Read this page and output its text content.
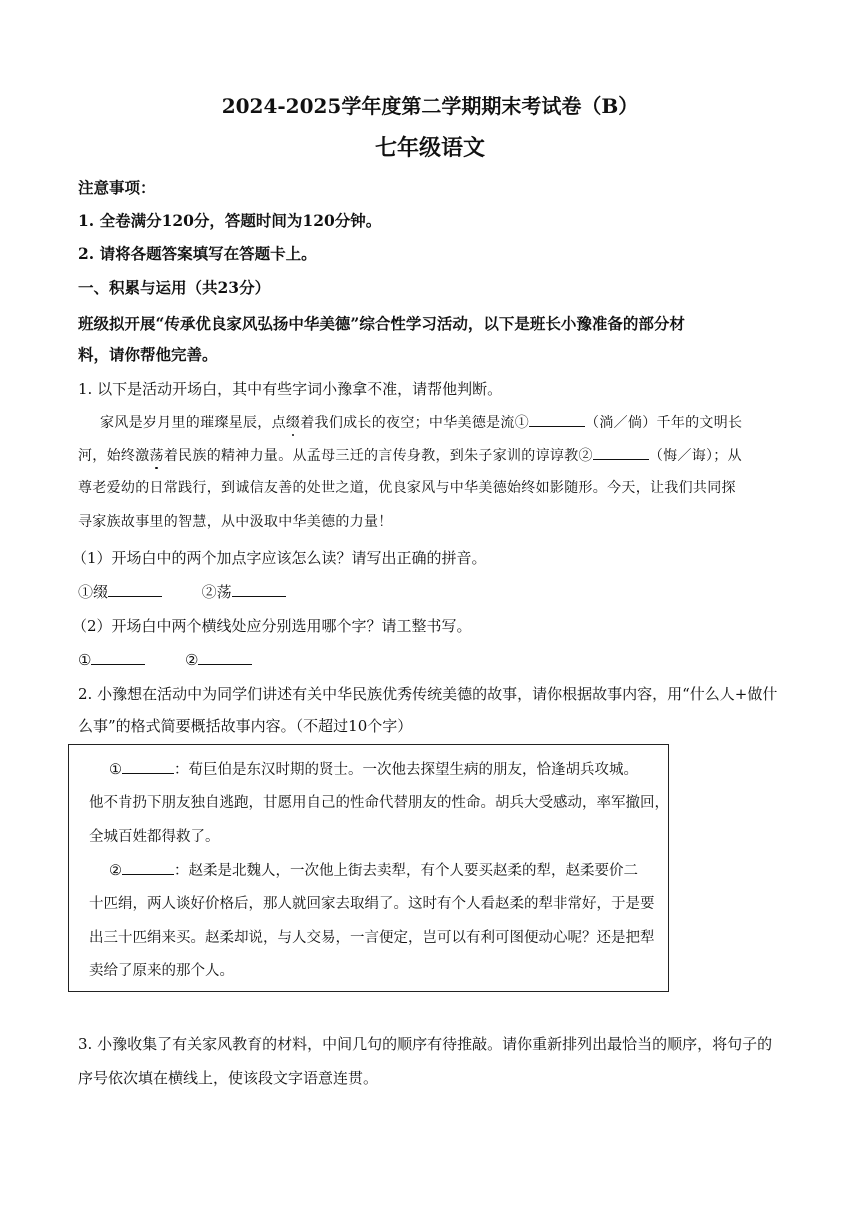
2024-2025学年度第二学期期末考试卷（B）
七年级语文
注意事项：
1. 全卷满分120分，答题时间为120分钟。
2. 请将各题答案填写在答题卡上。
一、积累与运用（共23分）
班级拟开展“传承优良家风弘扬中华美德”综合性学习活动，以下是班长小豫准备的部分材
料，请你帮他完善。
1. 以下是活动开场白，其中有些字词小豫拿不准，请帮他判断。
家风是岁月里的璀璨星辰，点缀着我们成长的夜空；中华美德是流①	（淌／倘）千年的文明长
河，始终激荡着民族的精神力量。从孟母三迁的言传身教，到朱子家训的谆谆教②	（悔／诲）；从
尊老爱幼的日常践行，到诚信友善的处世之道，优良家风与中华美德始终如影随形。今天，让我们共同探
寻家族故事里的智慧，从中汲取中华美德的力量！
（1）开场白中的两个加点字应该怎么读？请写出正确的拼音。
①缀	②荡
（2）开场白中两个横线处应分别选用哪个字？请工整书写。
①	②
2. 小豫想在活动中为同学们讲述有关中华民族优秀传统美德的故事，请你根据故事内容，用“什么人+做什
么事”的格式简要概括故事内容。（不超过10个字）
①	：荀巨伯是东汉时期的贤士。一次他去探望生病的朋友，恰逢胡兵攻城。
他不肯扔下朋友独自逃跑，甘愿用自己的性命代替朋友的性命。胡兵大受感动，率军撤回，
全城百姓都得救了。
②	：赵柔是北魏人，一次他上街去卖犁，有个人要买赵柔的犁，赵柔要价二
十匹绢，两人谈好价格后，那人就回家去取绢了。这时有个人看赵柔的犁非常好，于是要
出三十匹绢来买。赵柔却说，与人交易，一言便定，岂可以有利可图便动心呢？还是把犁
卖给了原来的那个人。
3. 小豫收集了有关家风教育的材料，中间几句的顺序有待推敲。请你重新排列出最恰当的顺序，将句子的
序号依次填在横线上，使该段文字语意连贯。
